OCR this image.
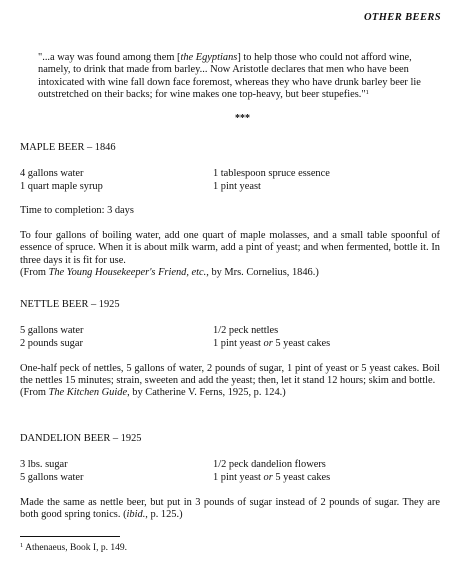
OTHER BEERS

"...a way was found among them [the Egyptians] to help those who could not afford wine, namely, to drink that made from barley... Now Aristotle declares that men who have been intoxicated with wine fall down face foremost, whereas they who have drunk barley beer lie outstretched on their backs; for wine makes one top-heavy, but beer stupefies."$^1$

***
MAPLE BEER – 1846
4 gallons water	1 tablespoon spruce essence
1 quart maple syrup	1 pint yeast

Time to completion: 3 days

To four gallons of boiling water, add one quart of maple molasses, and a small table spoonful of essence of spruce. When it is about milk warm, add a pint of yeast; and when fermented, bottle it. In three days it is fit for use.

(From The Young Housekeeper's Friend, etc., by Mrs. Cornelius, 1846.)

NETTLE BEER – 1925
5 gallons water	1/2 peck nettles
2 pounds sugar	1 pint yeast or 5 yeast cakes

One-half peck of nettles, 5 gallons of water, 2 pounds of sugar, 1 pint of yeast or 5 yeast cakes. Boil the nettles 15 minutes; strain, sweeten and add the yeast; then, let it stand 12 hours; skim and bottle.

(From The Kitchen Guide, by Catherine V. Ferns, 1925, p. 124.)

DANDELION BEER – 1925
3 lbs. sugar	1/2 peck dandelion flowers
5 gallons water	1 pint yeast or 5 yeast cakes

Made the same as nettle beer, but put in 3 pounds of sugar instead of 2 pounds of sugar. They are both good spring tonics. (ibid., p. 125.)

$^1$ Athenaeus, Book I, p. 149.
